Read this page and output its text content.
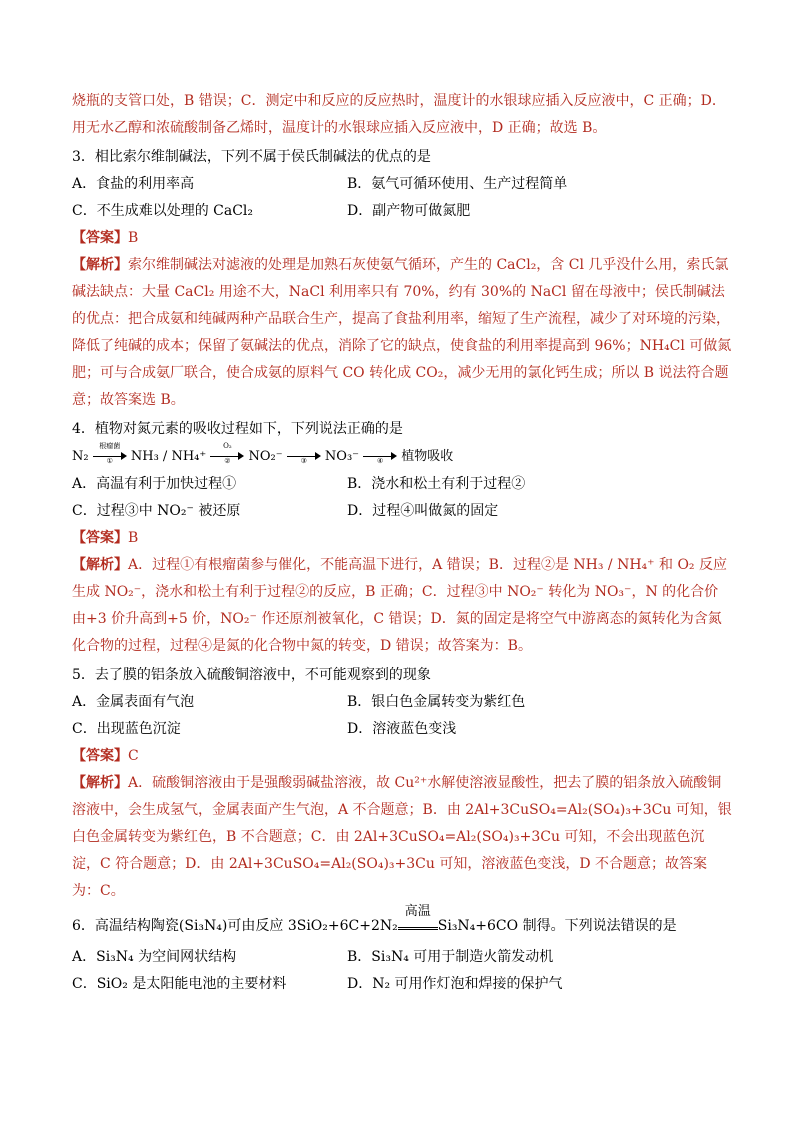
烧瓶的支管口处，B 错误；C．测定中和反应的反应热时，温度计的水银球应插入反应液中，C 正确；D．用无水乙醇和浓硫酸制备乙烯时，温度计的水银球应插入反应液中，D 正确；故选 B。

3．相比索尔维制碱法，下列不属于侯氏制碱法的优点的是

A．食盐的利用率高	B．氨气可循环使用、生产过程简单
C．不生成难以处理的 CaCl₂	D．副产物可做氮肥

【答案】B

【解析】索尔维制碱法对滤液的处理是加熟石灰使氨气循环，产生的 CaCl₂，含 Cl 几乎没什么用，索氏氯碱法缺点：大量 CaCl₂ 用途不大，NaCl 利用率只有 70%，约有 30%的 NaCl 留在母液中；侯氏制碱法的优点：把合成氨和纯碱两种产品联合生产，提高了食盐利用率，缩短了生产流程，减少了对环境的污染，降低了纯碱的成本；保留了氨碱法的优点，消除了它的缺点，使食盐的利用率提高到 96%；NH₄Cl 可做氮肥；可与合成氨厂联合，使合成氨的原料气 CO 转化成 CO₂，减少无用的氯化钙生成；所以 B 说法符合题意；故答案选 B。

4．植物对氮元素的吸收过程如下，下列说法正确的是

N₂
根瘤菌
①	NH₃ / NH₄⁺
O₂
②	NO₂⁻	③	NO₃⁻	④	植物吸收
A．高温有利于加快过程①	B．浇水和松土有利于过程②
C．过程③中 NO₂⁻ 被还原	D．过程④叫做氮的固定

【答案】B

【解析】A．过程①有根瘤菌参与催化，不能高温下进行，A 错误；B．过程②是 NH₃ / NH₄⁺ 和 O₂ 反应生成 NO₂⁻，浇水和松土有利于过程②的反应，B 正确；C．过程③中 NO₂⁻ 转化为 NO₃⁻，N 的化合价由+3 价升高到+5 价，NO₂⁻ 作还原剂被氧化，C 错误；D．氮的固定是将空气中游离态的氮转化为含氮化合物的过程，过程④是氮的化合物中氮的转变，D 错误；故答案为：B。

5．去了膜的铝条放入硫酸铜溶液中，不可能观察到的现象

A．金属表面有气泡	B．银白色金属转变为紫红色
C．出现蓝色沉淀	D．溶液蓝色变浅

【答案】C

【解析】A．硫酸铜溶液由于是强酸弱碱盐溶液，故 Cu²⁺水解使溶液显酸性，把去了膜的铝条放入硫酸铜溶液中，会生成氢气，金属表面产生气泡，A 不合题意；B．由 2Al+3CuSO₄=Al₂(SO₄)₃+3Cu 可知，银白色金属转变为紫红色，B 不合题意；C．由 2Al+3CuSO₄=Al₂(SO₄)₃+3Cu 可知，不会出现蓝色沉淀，C 符合题意；D．由 2Al+3CuSO₄=Al₂(SO₄)₃+3Cu 可知，溶液蓝色变浅，D 不合题意；故答案为：C。

6．高温结构陶瓷(Si₃N₄)可由反应 3SiO₂+6C+2N₂
高温
Si₃N₄+6CO 制得。下列说法错误的是

A．Si₃N₄ 为空间网状结构	B．Si₃N₄ 可用于制造火箭发动机
C．SiO₂ 是太阳能电池的主要材料	D．N₂ 可用作灯泡和焊接的保护气
